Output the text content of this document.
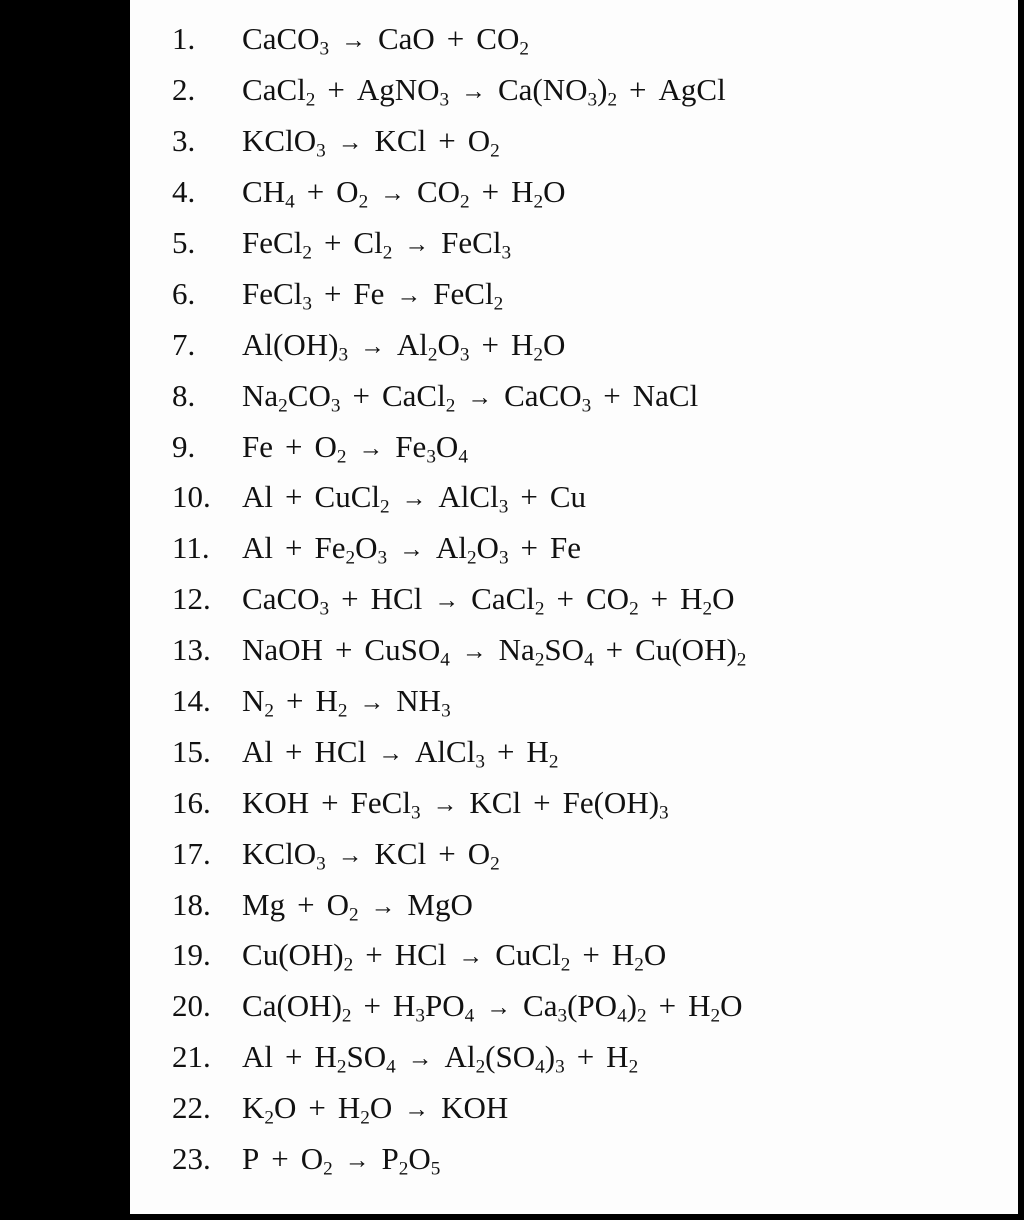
1.	CaCO$_3$ → CaO + $CO_2$
2.	CaCl$_2$ + AgNO$_3$ → $Ca(NO_3)_2$ + AgCl
3.	KClO$_3$ → KCl + $O_2$
4.	$CH_4 + O_2 \to CO_2 + H_2O$
5.	FeCl$_2$ + $Cl_2$ → FeCl$_3$
6.	FeCl$_3$ + Fe → FeCl$_2$
7.	$Al(OH)_3 \to Al_2O_3 + H_2O$
8.	$Na_2CO_3$ + CaCl$_2$ → CaCO$_3$ + NaCl
9.	$Fe + O_2 \to Fe_3O_4$
10.	Al + CuCl$_2$ → AlCl$_3$ + Cu
11.	$Al + Fe_2O_3 \to Al_2O_3 + Fe$
12.	CaCO$_3$ + HCl → CaCl$_2$ + $CO_2 + H_2O$
13.	NaOH + CuSO$_4$ → $Na_2SO_4 + Cu(OH)_2$
14.	$N_2 + H_2 \to NH_3$
15.	Al + HCl → AlCl$_3$ + $H_2$
16.	KOH + FeCl$_3$ → KCl + $Fe(OH)_3$
17.	KClO$_3$ → KCl + $O_2$
18.	$Mg + O_2$ → MgO
19.	$Cu(OH)_2$ + HCl → CuCl$_2$ + $H_2O$
20.	$Ca(OH)_2 + H_3PO_4 \to Ca_3(PO_4)_2 + H_2O$
21.	$Al + H_2SO_4 \to Al_2(SO_4)_3 + H_2$
22.	$K_2O + H_2O$ → KOH
23.	$P + O_2 \to P_2O_5$
